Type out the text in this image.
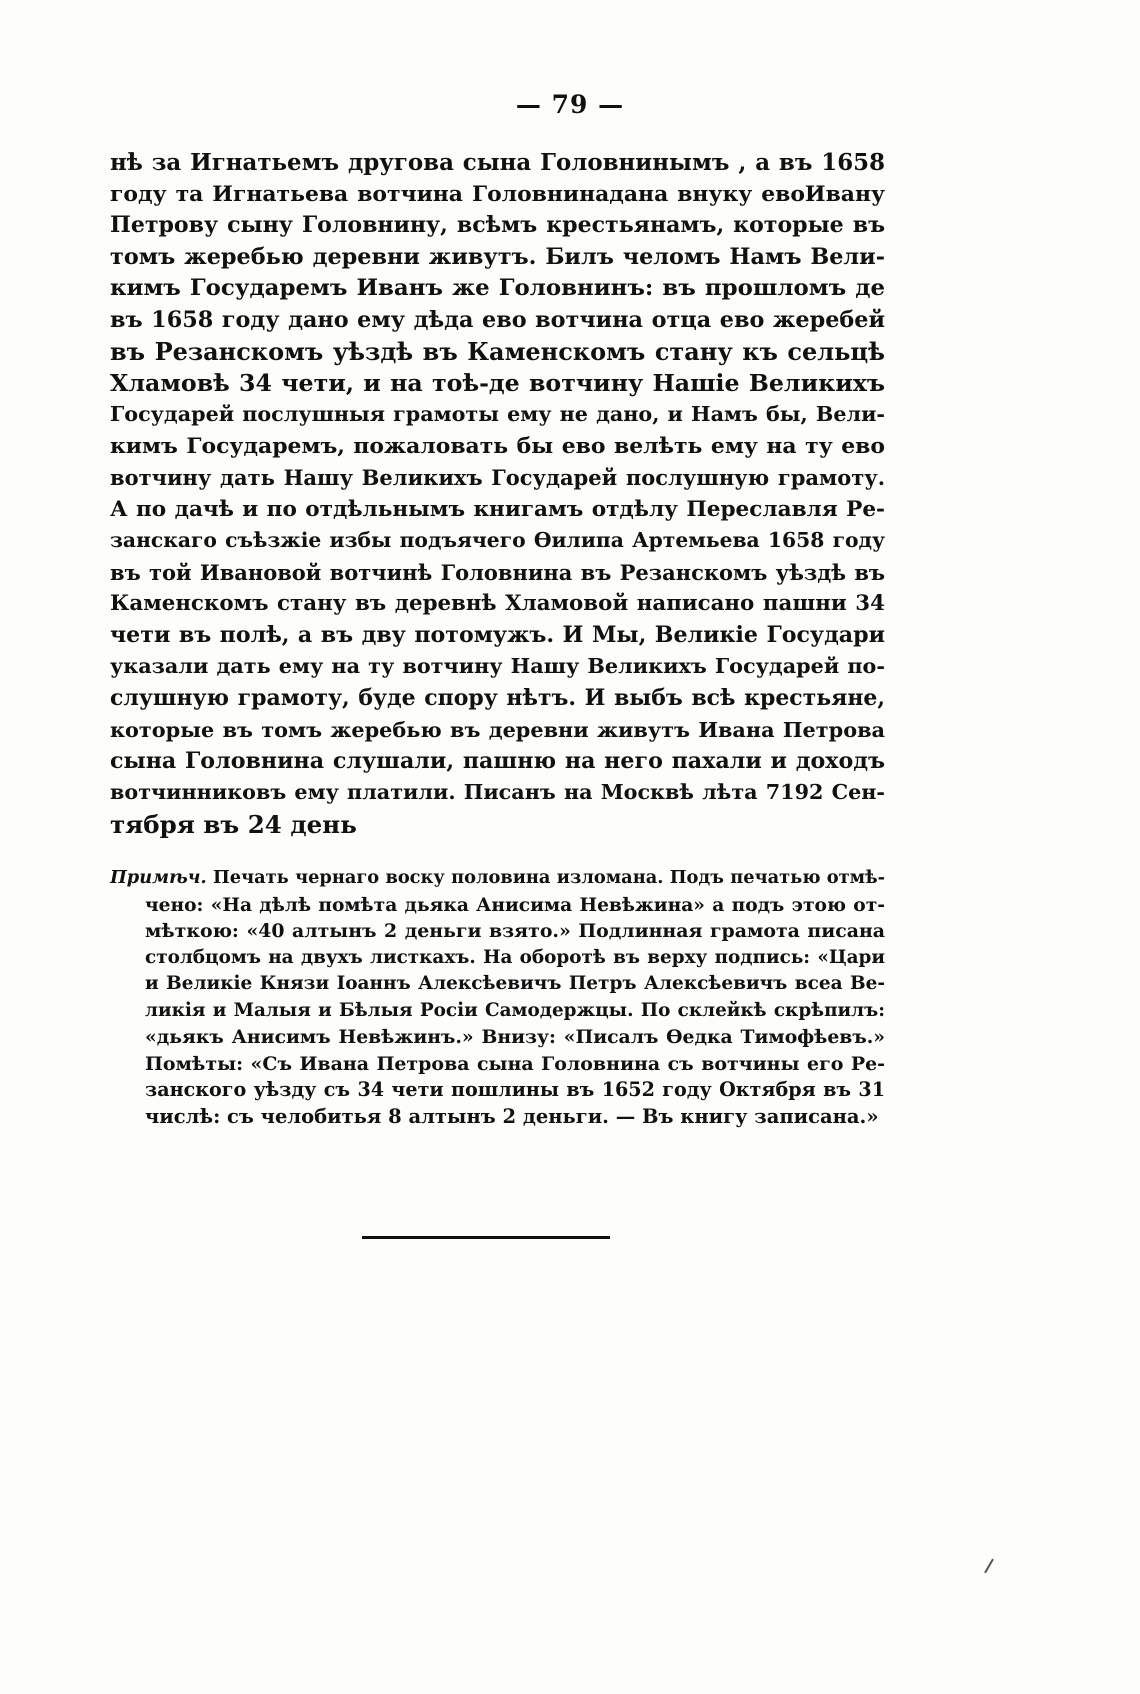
— 79 —
нѣ за Игнатьемъ другова сына Головнинымъ , а въ 1658
году та Игнатьева вотчина Головнинадана внуку евоИвану
Петрову сыну Головнину, всѣмъ крестьянамъ, которые въ
томъ жеребью деревни живутъ. Билъ челомъ Намъ Вели-
кимъ Государемъ Иванъ же Головнинъ: въ прошломъ де
въ 1658 году дано ему дѣда ево вотчина отца ево жеребей
въ Резанскомъ уѣздѣ въ Каменскомъ стану къ сельцѣ
Хламовѣ 34 чети, и на тоѣ-де вотчину Нашіе Великихъ
Государей послушныя грамоты ему не дано, и Намъ бы, Вели-
кимъ Государемъ, пожаловать бы ево велѣть ему на ту ево
вотчину дать Нашу Великихъ Государей послушную грамоту.
А по дачѣ и по отдѣльнымъ книгамъ отдѣлу Переславля Ре-
занскаго съѣзжіе избы подъячего Ѳилипа Артемьева 1658 году
въ той Ивановой вотчинѣ Головнина въ Резанскомъ уѣздѣ въ
Каменскомъ стану въ деревнѣ Хламовой написано пашни 34
чети въ полѣ, а въ дву потомужъ. И Мы, Великіе Государи
указали дать ему на ту вотчину Нашу Великихъ Государей по-
слушную грамоту, буде спору нѣтъ. И выбъ всѣ крестьяне,
которые въ томъ жеребью въ деревни живутъ Ивана Петрова
сына Головнина слушали, пашню на него пахали и доходъ
вотчинниковъ ему платили. Писанъ на Москвѣ лѣта 7192 Сен-
тября въ 24 день
Примѣч. Печать чернаго воску половина изломана. Подъ печатью отмѣ-
чено: «На дѣлѣ помѣта дьяка Анисима Невѣжина» а подъ этою от-
мѣткою: «40 алтынъ 2 деньги взято.» Подлинная грамота писана
столбцомъ на двухъ листкахъ. На оборотѣ въ верху подпись: «Цари
и Великіе Князи Іоаннъ Алексѣевичъ Петръ Алексѣевичъ всеа Ве-
ликія и Малыя и Бѣлыя Росіи Самодержцы. По склейкѣ скрѣпилъ:
«дьякъ Анисимъ Невѣжинъ.» Внизу: «Писалъ Ѳедка Тимофѣевъ.»
Помѣты: «Съ Ивана Петрова сына Головнина съ вотчины его Ре-
занского уѣзду съ 34 чети пошлины въ 1652 году Октября въ 31
числѣ: съ челобитья 8 алтынъ 2 деньги. — Въ книгу записана.»
